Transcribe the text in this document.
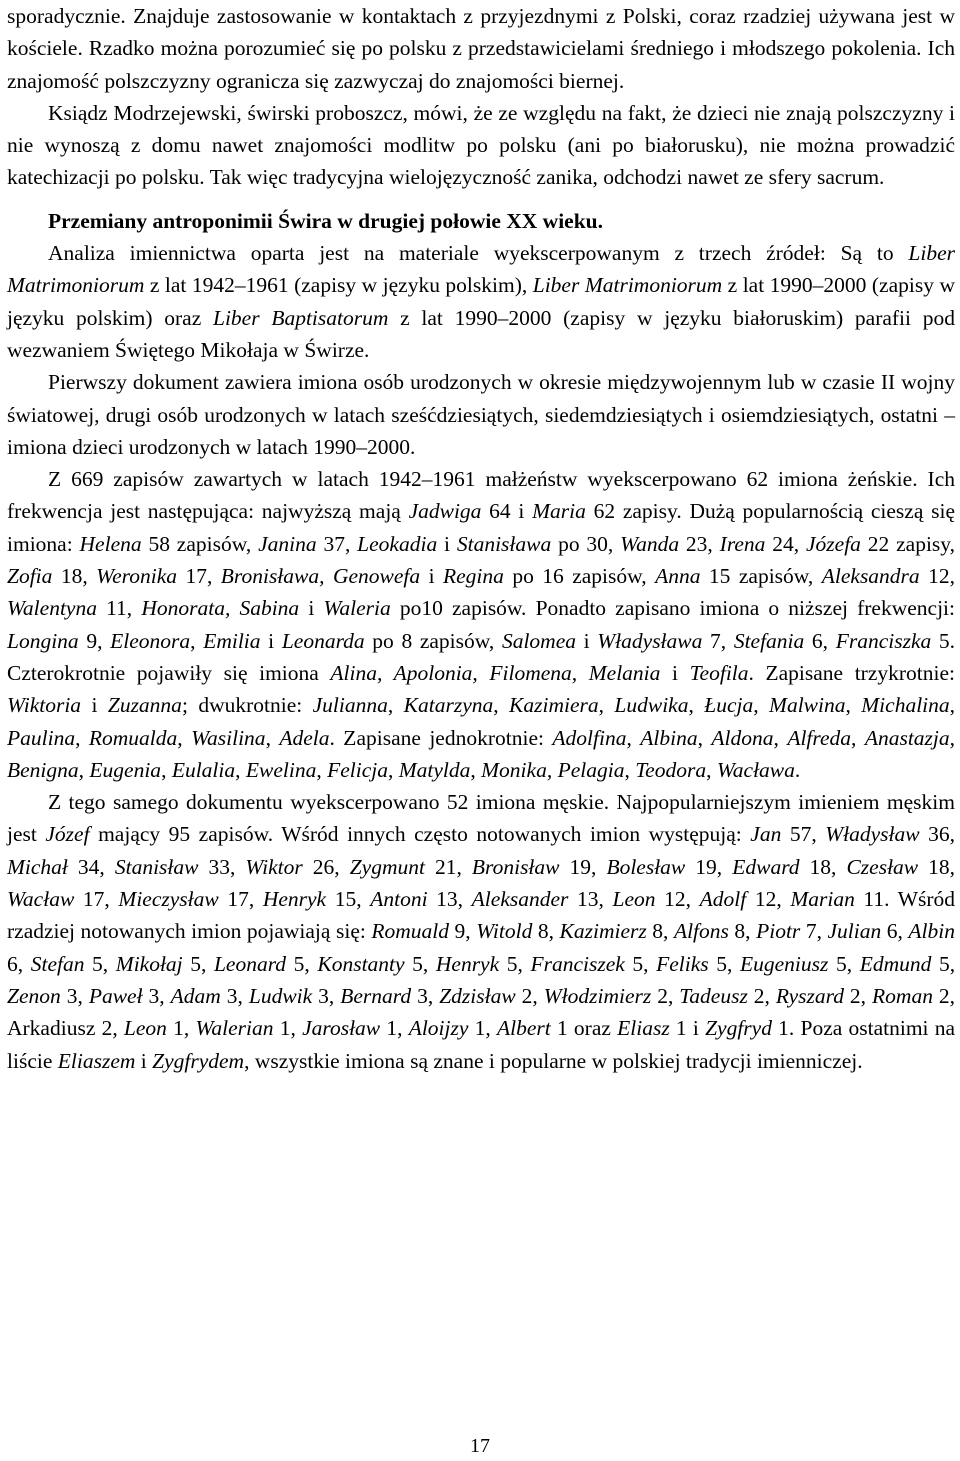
sporadycznie. Znajduje zastosowanie w kontaktach z przyjezdnymi z Polski, coraz rzadziej używana jest w kościele. Rzadko można porozumieć się po polsku z przedstawicielami średniego i młodszego pokolenia. Ich znajomość polszczyzny ogranicza się zazwyczaj do znajomości biernej.

Ksiądz Modrzejewski, świrski proboszcz, mówi, że ze względu na fakt, że dzieci nie znają polszczyzny i nie wynoszą z domu nawet znajomości modlitw po polsku (ani po białorusku), nie można prowadzić katechizacji po polsku. Tak więc tradycyjna wielojęzyczność zanika, odchodzi nawet ze sfery sacrum.

Przemiany antroponimii Świra w drugiej połowie XX wieku.

Analiza imiennictwa oparta jest na materiale wyekscerpowanym z trzech źródeł: Są to Liber Matrimoniorum z lat 1942–1961 (zapisy w języku polskim), Liber Matrimoniorum z lat 1990–2000 (zapisy w języku polskim) oraz Liber Baptisatorum z lat 1990–2000 (zapisy w języku białoruskim) parafii pod wezwaniem Świętego Mikołaja w Świrze.

Pierwszy dokument zawiera imiona osób urodzonych w okresie międzywojennym lub w czasie II wojny światowej, drugi osób urodzonych w latach sześćdziesiątych, siedemdziesiątych i osiemdziesiątych, ostatni – imiona dzieci urodzonych w latach 1990–2000.

Z 669 zapisów zawartych w latach 1942–1961 małżeństw wyekscerpowano 62 imiona żeńskie. Ich frekwencja jest następująca: najwyższą mają Jadwiga 64 i Maria 62 zapisy. Dużą popularnością cieszą się imiona: Helena 58 zapisów, Janina 37, Leokadia i Stanisława po 30, Wanda 23, Irena 24, Józefa 22 zapisy, Zofia 18, Weronika 17, Bronisława, Genowefa i Regina po 16 zapisów, Anna 15 zapisów, Aleksandra 12, Walentyna 11, Honorata, Sabina i Waleria po10 zapisów. Ponadto zapisano imiona o niższej frekwencji: Longina 9, Eleonora, Emilia i Leonarda po 8 zapisów, Salomea i Władysława 7, Stefania 6, Franciszka 5. Czterokrotnie pojawiły się imiona Alina, Apolonia, Filomena, Melania i Teofila. Zapisane trzykrotnie: Wiktoria i Zuzanna; dwukrotnie: Julianna, Katarzyna, Kazimiera, Ludwika, Łucja, Malwina, Michalina, Paulina, Romualda, Wasilina, Adela. Zapisane jednokrotnie: Adolfina, Albina, Aldona, Alfreda, Anastazja, Benigna, Eugenia, Eulalia, Ewelina, Felicja, Matylda, Monika, Pelagia, Teodora, Wacława.

Z tego samego dokumentu wyekscerpowano 52 imiona męskie. Najpopularniejszym imieniem męskim jest Józef mający 95 zapisów. Wśród innych często notowanych imion występują: Jan 57, Władysław 36, Michał 34, Stanisław 33, Wiktor 26, Zygmunt 21, Bronisław 19, Bolesław 19, Edward 18, Czesław 18, Wacław 17, Mieczysław 17, Henryk 15, Antoni 13, Aleksander 13, Leon 12, Adolf 12, Marian 11. Wśród rzadziej notowanych imion pojawiają się: Romuald 9, Witold 8, Kazimierz 8, Alfons 8, Piotr 7, Julian 6, Albin 6, Stefan 5, Mikołaj 5, Leonard 5, Konstanty 5, Henryk 5, Franciszek 5, Feliks 5, Eugeniusz 5, Edmund 5, Zenon 3, Paweł 3, Adam 3, Ludwik 3, Bernard 3, Zdzisław 2, Włodzimierz 2, Tadeusz 2, Ryszard 2, Roman 2, Arkadiusz 2, Leon 1, Walerian 1, Jarosław 1, Aloijzy 1, Albert 1 oraz Eliasz 1 i Zygfryd 1. Poza ostatnimi na liście Eliaszem i Zygfrydem, wszystkie imiona są znane i popularne w polskiej tradycji imienniczej.

17
